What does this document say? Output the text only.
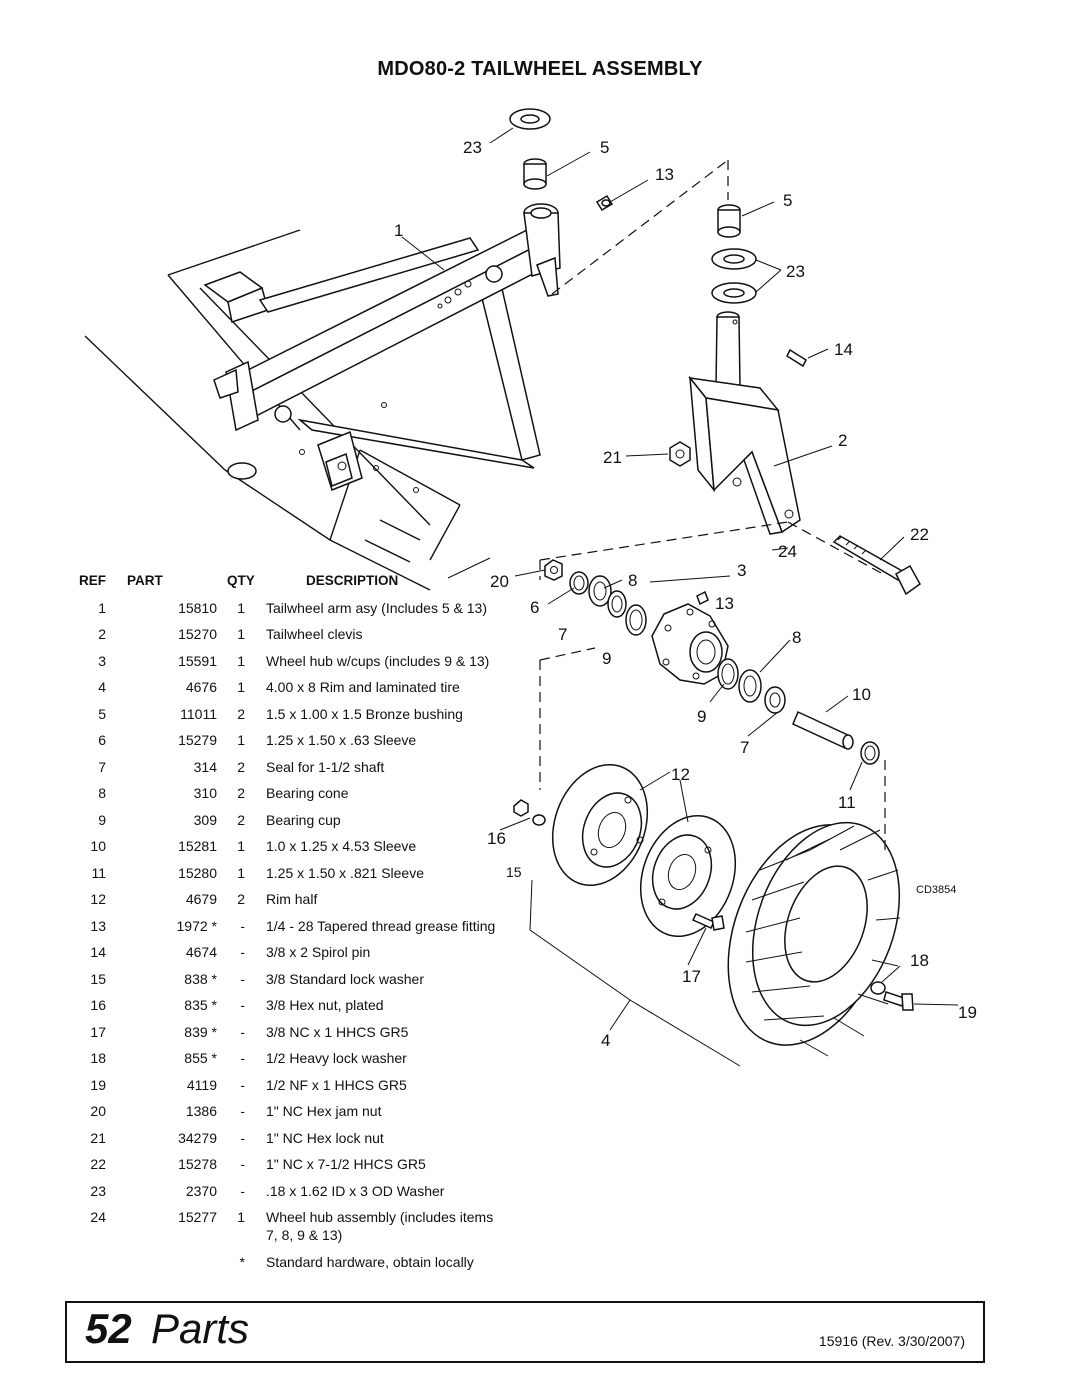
MDO80-2 TAILWHEEL ASSEMBLY
23	5
13
5
1
23
14
2
21
22
24
3
20	8
6	13
7	8
9
10
9
7
12
11
16
15
18
17
19
4
CD3854
REF	PART	QTY	DESCRIPTION
1	15810	1 Tailwheel arm asy (Includes 5 & 13)
2	15270	1 Tailwheel clevis
3	15591	1 Wheel hub w/cups (includes 9 & 13)
4	4676	1 4.00 x 8 Rim and laminated tire
5	11011	2 1.5 x 1.00 x 1.5 Bronze bushing
6	15279	1 1.25 x 1.50 x .63 Sleeve
7	314	2 Seal for 1-1/2 shaft
8	310	2 Bearing cone
9	309	2 Bearing cup
10	15281	1 1.0 x 1.25 x 4.53 Sleeve
11	15280	1 1.25 x 1.50 x .821 Sleeve
12	4679	2 Rim half
13	1972 *	- 1/4 - 28 Tapered thread grease fitting
14	4674	- 3/8 x 2 Spirol pin
15	838 *	- 3/8 Standard lock washer
16	835 *	- 3/8 Hex nut, plated
17	839 *	- 3/8 NC x 1 HHCS GR5
18	855 *	- 1/2 Heavy lock washer
19	4119	- 1/2 NF x 1 HHCS GR5
20	1386	- 1" NC Hex jam nut
21	34279	- 1" NC Hex lock nut
22	15278	- 1" NC x 7-1/2 HHCS GR5
23	2370	- .18 x 1.62 ID x 3 OD Washer
24	15277	1 Wheel hub assembly (includes items
7, 8, 9 & 13)
* Standard hardware, obtain locally
52 Parts	15916 (Rev. 3/30/2007)
